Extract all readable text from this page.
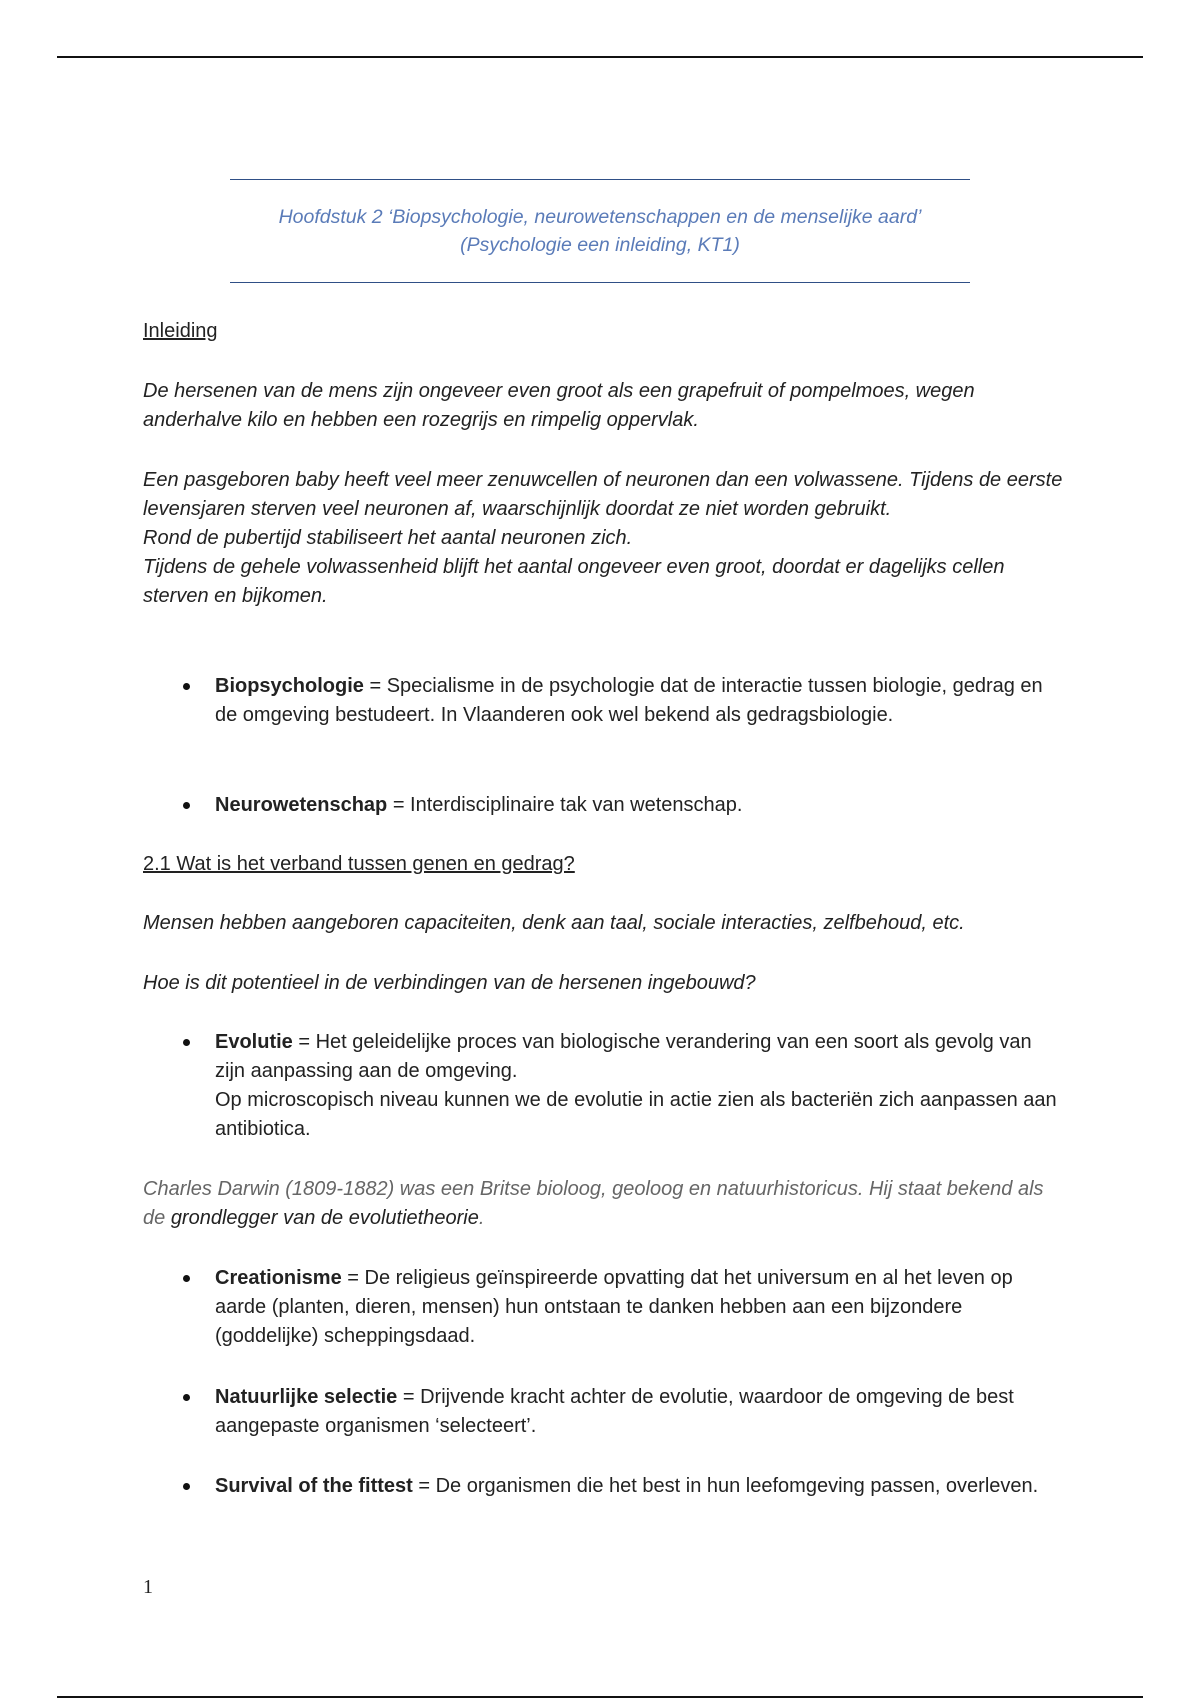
Hoofdstuk 2 ‘Biopsychologie, neurowetenschappen en de menselijke aard’
(Psychologie een inleiding, KT1)
Inleiding

De hersenen van de mens zijn ongeveer even groot als een grapefruit of pompelmoes, wegen anderhalve kilo en hebben een rozegrijs en rimpelig oppervlak.

Een pasgeboren baby heeft veel meer zenuwcellen of neuronen dan een volwassene. Tijdens de eerste levensjaren sterven veel neuronen af, waarschijnlijk doordat ze niet worden gebruikt.
Rond de pubertijd stabiliseert het aantal neuronen zich.
Tijdens de gehele volwassenheid blijft het aantal ongeveer even groot, doordat er dagelijks cellen sterven en bijkomen.
Biopsychologie = Specialisme in de psychologie dat de interactie tussen biologie, gedrag en de omgeving bestudeert. In Vlaanderen ook wel bekend als gedragsbiologie.
Neurowetenschap = Interdisciplinaire tak van wetenschap.
2.1 Wat is het verband tussen genen en gedrag?
Mensen hebben aangeboren capaciteiten, denk aan taal, sociale interacties, zelfbehoud, etc.
Hoe is dit potentieel in de verbindingen van de hersenen ingebouwd?
Evolutie = Het geleidelijke proces van biologische verandering van een soort als gevolg van zijn aanpassing aan de omgeving.
Op microscopisch niveau kunnen we de evolutie in actie zien als bacteriën zich aanpassen aan antibiotica.
Charles Darwin (1809-1882) was een Britse bioloog, geoloog en natuurhistoricus. Hij staat bekend als de grondlegger van de evolutietheorie.
Creationisme = De religieus geïnspireerde opvatting dat het universum en al het leven op aarde (planten, dieren, mensen) hun ontstaan te danken hebben aan een bijzondere (goddelijke) scheppingsdaad.
Natuurlijke selectie = Drijvende kracht achter de evolutie, waardoor de omgeving de best aangepaste organismen ‘selecteert’.
Survival of the fittest = De organismen die het best in hun leefomgeving passen, overleven.
1
